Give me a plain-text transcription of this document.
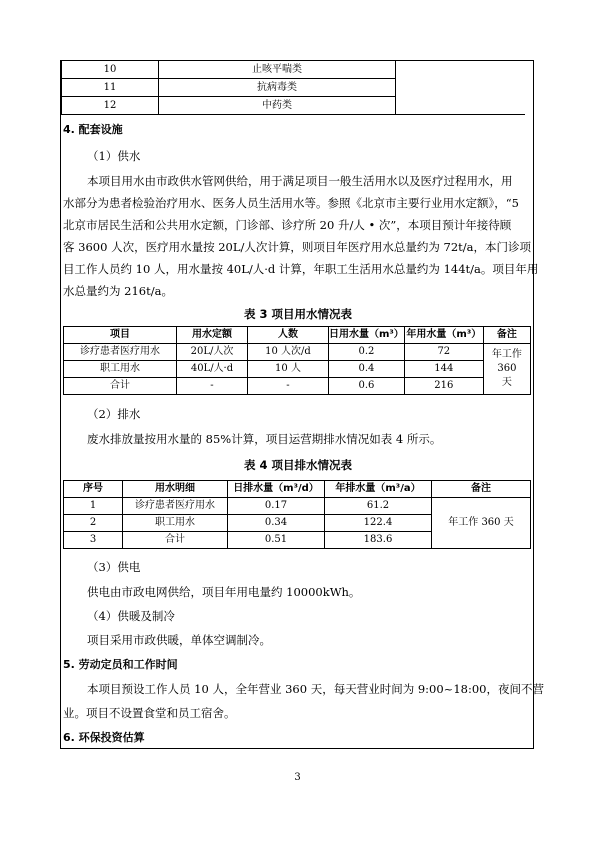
10	止咳平喘类	
11	抗病毒类	
12	中药类	
4. 配套设施
（1）供水
本项目用水由市政供水管网供给，用于满足项目一般生活用水以及医疗过程用水，用
水部分为患者检验治疗用水、医务人员生活用水等。参照《北京市主要行业用水定额》，“5
北京市居民生活和公共用水定额，门诊部、诊疗所 20 升/人 • 次”，本项目预计年接待顾
客 3600 人次，医疗用水量按 20L/人次计算，则项目年医疗用水总量约为 72t/a，本门诊项
目工作人员约 10 人，用水量按 40L/人·d 计算，年职工生活用水总量约为 144t/a。项目年用
水总量约为 216t/a。
表 3 项目用水情况表
项目	用水定额	人数	日用水量（m³）	年用水量（m³）	备注
诊疗患者医疗用水	20L/人次	10 人次/d	0.2	72	年工作 360 天
职工用水	40L/人·d	10 人	0.4	144	
合计	-	-	0.6	216	
（2）排水
废水排放量按用水量的 85%计算，项目运营期排水情况如表 4 所示。
表 4 项目排水情况表
序号	用水明细	日排水量（m³/d）	年排水量（m³/a）	备注
1	诊疗患者医疗用水	0.17	61.2	年工作 360 天
2	职工用水	0.34	122.4	
3	合计	0.51	183.6	
（3）供电
供电由市政电网供给，项目年用电量约 10000kWh。
（4）供暖及制冷
项目采用市政供暖，单体空调制冷。
5. 劳动定员和工作时间
本项目预设工作人员 10 人，全年营业 360 天，每天营业时间为 9:00~18:00，夜间不营
业。项目不设置食堂和员工宿舍。
6. 环保投资估算
3
